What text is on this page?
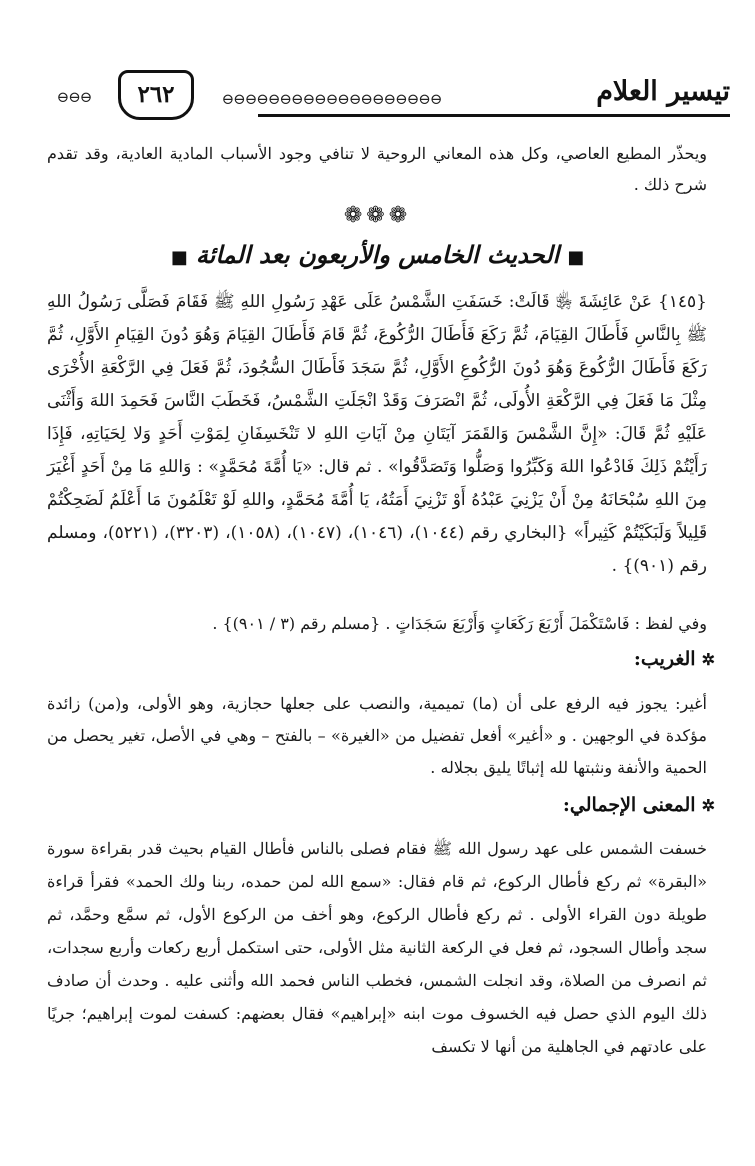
تيسير العلام
⊖⊖⊖⊖⊖⊖⊖⊖⊖⊖⊖⊖⊖⊖⊖⊖⊖⊖⊖
٢٦٢
⊖⊖⊖
ويحذّر المطيع العاصي، وكل هذه المعاني الروحية لا تنافي وجود الأسباب المادية العادية، وقد تقدم شرح ذلك .
❁❁❁
■الحديث الخامس والأربعون بعد المائة■
{١٤٥} عَنْ عَائِشَةَ ﵂ قَالَتْ: خَسَفَتِ الشَّمْسُ عَلَى عَهْدِ رَسُولِ اللهِ ﷺ فَقَامَ فَصَلَّى رَسُولُ اللهِ ﷺ بِالنَّاسِ فَأَطَالَ القِيَامَ، ثُمَّ رَكَعَ فَأَطَالَ الرُّكُوعَ، ثُمَّ قَامَ فَأَطَالَ القِيَامَ وَهُوَ دُونَ القِيَامِ الأَوَّلِ، ثُمَّ رَكَعَ فَأَطَالَ الرُّكُوعَ وَهُوَ دُونَ الرُّكُوعِ الأَوَّلِ، ثُمَّ سَجَدَ فَأَطَالَ السُّجُودَ، ثُمَّ فَعَلَ فِي الرَّكْعَةِ الأُخْرَى مِثْلَ مَا فَعَلَ فِي الرَّكْعَةِ الأُولَى، ثُمَّ انْصَرَفَ وَقَدْ انْجَلَتِ الشَّمْسُ، فَخَطَبَ النَّاسَ فَحَمِدَ اللهَ وَأَثْنَى عَلَيْهِ ثُمَّ قَالَ: «إِنَّ الشَّمْسَ وَالقَمَرَ آيَتَانِ مِنْ آيَاتِ اللهِ لا تَنْخَسِفَانِ لِمَوْتِ أَحَدٍ وَلا لِحَيَاتِهِ، فَإِذَا رَأَيْتُمْ ذَلِكَ فَادْعُوا اللهَ وَكَبِّرُوا وَصَلُّوا وَتَصَدَّقُوا» . ثم قال: «يَا أُمَّةَ مُحَمَّدٍ» : وَاللهِ مَا مِنْ أَحَدٍ أَغْيَرَ مِنَ اللهِ سُبْحَانَهُ مِنْ أَنْ يَزْنِيَ عَبْدُهُ أَوْ تَزْنِيَ أَمَتُهُ، يَا أُمَّةَ مُحَمَّدٍ، واللهِ لَوْ تَعْلَمُونَ مَا أَعْلَمُ لَضَحِكْتُمْ قَلِيلاً وَلَبَكَيْتُمْ كَثِيراً» {البخاري رقم (١٠٤٤)، (١٠٤٦)، (١٠٤٧)، (١٠٥٨)، (٣٢٠٣)، (٥٢٢١)، ومسلم رقم (٩٠١)} .
وفي لفظ : فَاسْتَكْمَلَ أَرْبَعَ رَكَعَاتٍ وَأَرْبَعَ سَجَدَاتٍ . {مسلم رقم (٣ / ٩٠١)} .
✲الغريب:
أغير: يجوز فيه الرفع على أن (ما) تميمية، والنصب على جعلها حجازية، وهو الأولى، و(من) زائدة مؤكدة في الوجهين . و «أغير» أفعل تفضيل من «الغيرة» – بالفتح – وهي في الأصل، تغير يحصل من الحمية والأنفة ونثبتها لله إثباتًا يليق بجلاله .
✲المعنى الإجمالي:
خسفت الشمس على عهد رسول الله ﷺ فقام فصلى بالناس فأطال القيام بحيث قدر بقراءة سورة «البقرة» ثم ركع فأطال الركوع، ثم قام فقال: «سمع الله لمن حمده، ربنا ولك الحمد» فقرأ قراءة طويلة دون القراء الأولى . ثم ركع فأطال الركوع، وهو أخف من الركوع الأول، ثم سمَّع وحمَّد، ثم سجد وأطال السجود، ثم فعل في الركعة الثانية مثل الأولى، حتى استكمل أربع ركعات وأربع سجدات، ثم انصرف من الصلاة، وقد انجلت الشمس، فخطب الناس فحمد الله وأثنى عليه . وحدث أن صادف ذلك اليوم الذي حصل فيه الخسوف موت ابنه «إبراهيم» فقال بعضهم: كسفت لموت إبراهيم؛ جريًا على عادتهم في الجاهلية من أنها لا تكسف
